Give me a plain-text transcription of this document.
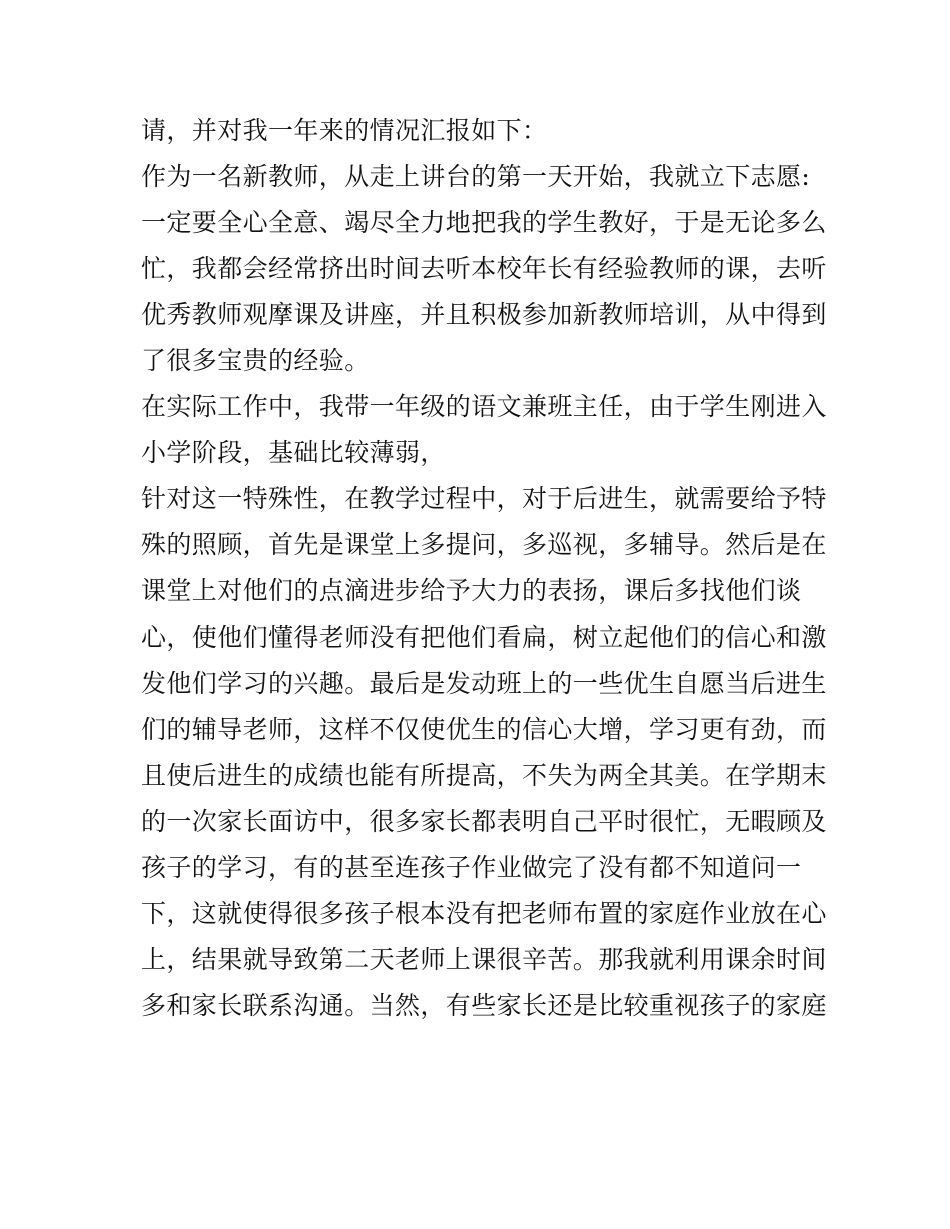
请，并对我一年来的情况汇报如下：
作为一名新教师，从走上讲台的第一天开始，我就立下志愿:
一定要全心全意、竭尽全力地把我的学生教好，于是无论多么
忙，我都会经常挤出时间去听本校年长有经验教师的课，去听
优秀教师观摩课及讲座，并且积极参加新教师培训，从中得到
了很多宝贵的经验。
在实际工作中，我带一年级的语文兼班主任，由于学生刚进入
小学阶段，基础比较薄弱，
针对这一特殊性，在教学过程中，对于后进生，就需要给予特
殊的照顾，首先是课堂上多提问，多巡视，多辅导。然后是在
课堂上对他们的点滴进步给予大力的表扬，课后多找他们谈
心，使他们懂得老师没有把他们看扁，树立起他们的信心和激
发他们学习的兴趣。最后是发动班上的一些优生自愿当后进生
们的辅导老师，这样不仅使优生的信心大增，学习更有劲，而
且使后进生的成绩也能有所提高，不失为两全其美。在学期末
的一次家长面访中，很多家长都表明自己平时很忙，无暇顾及
孩子的学习，有的甚至连孩子作业做完了没有都不知道问一
下，这就使得很多孩子根本没有把老师布置的家庭作业放在心
上，结果就导致第二天老师上课很辛苦。那我就利用课余时间
多和家长联系沟通。当然，有些家长还是比较重视孩子的家庭
